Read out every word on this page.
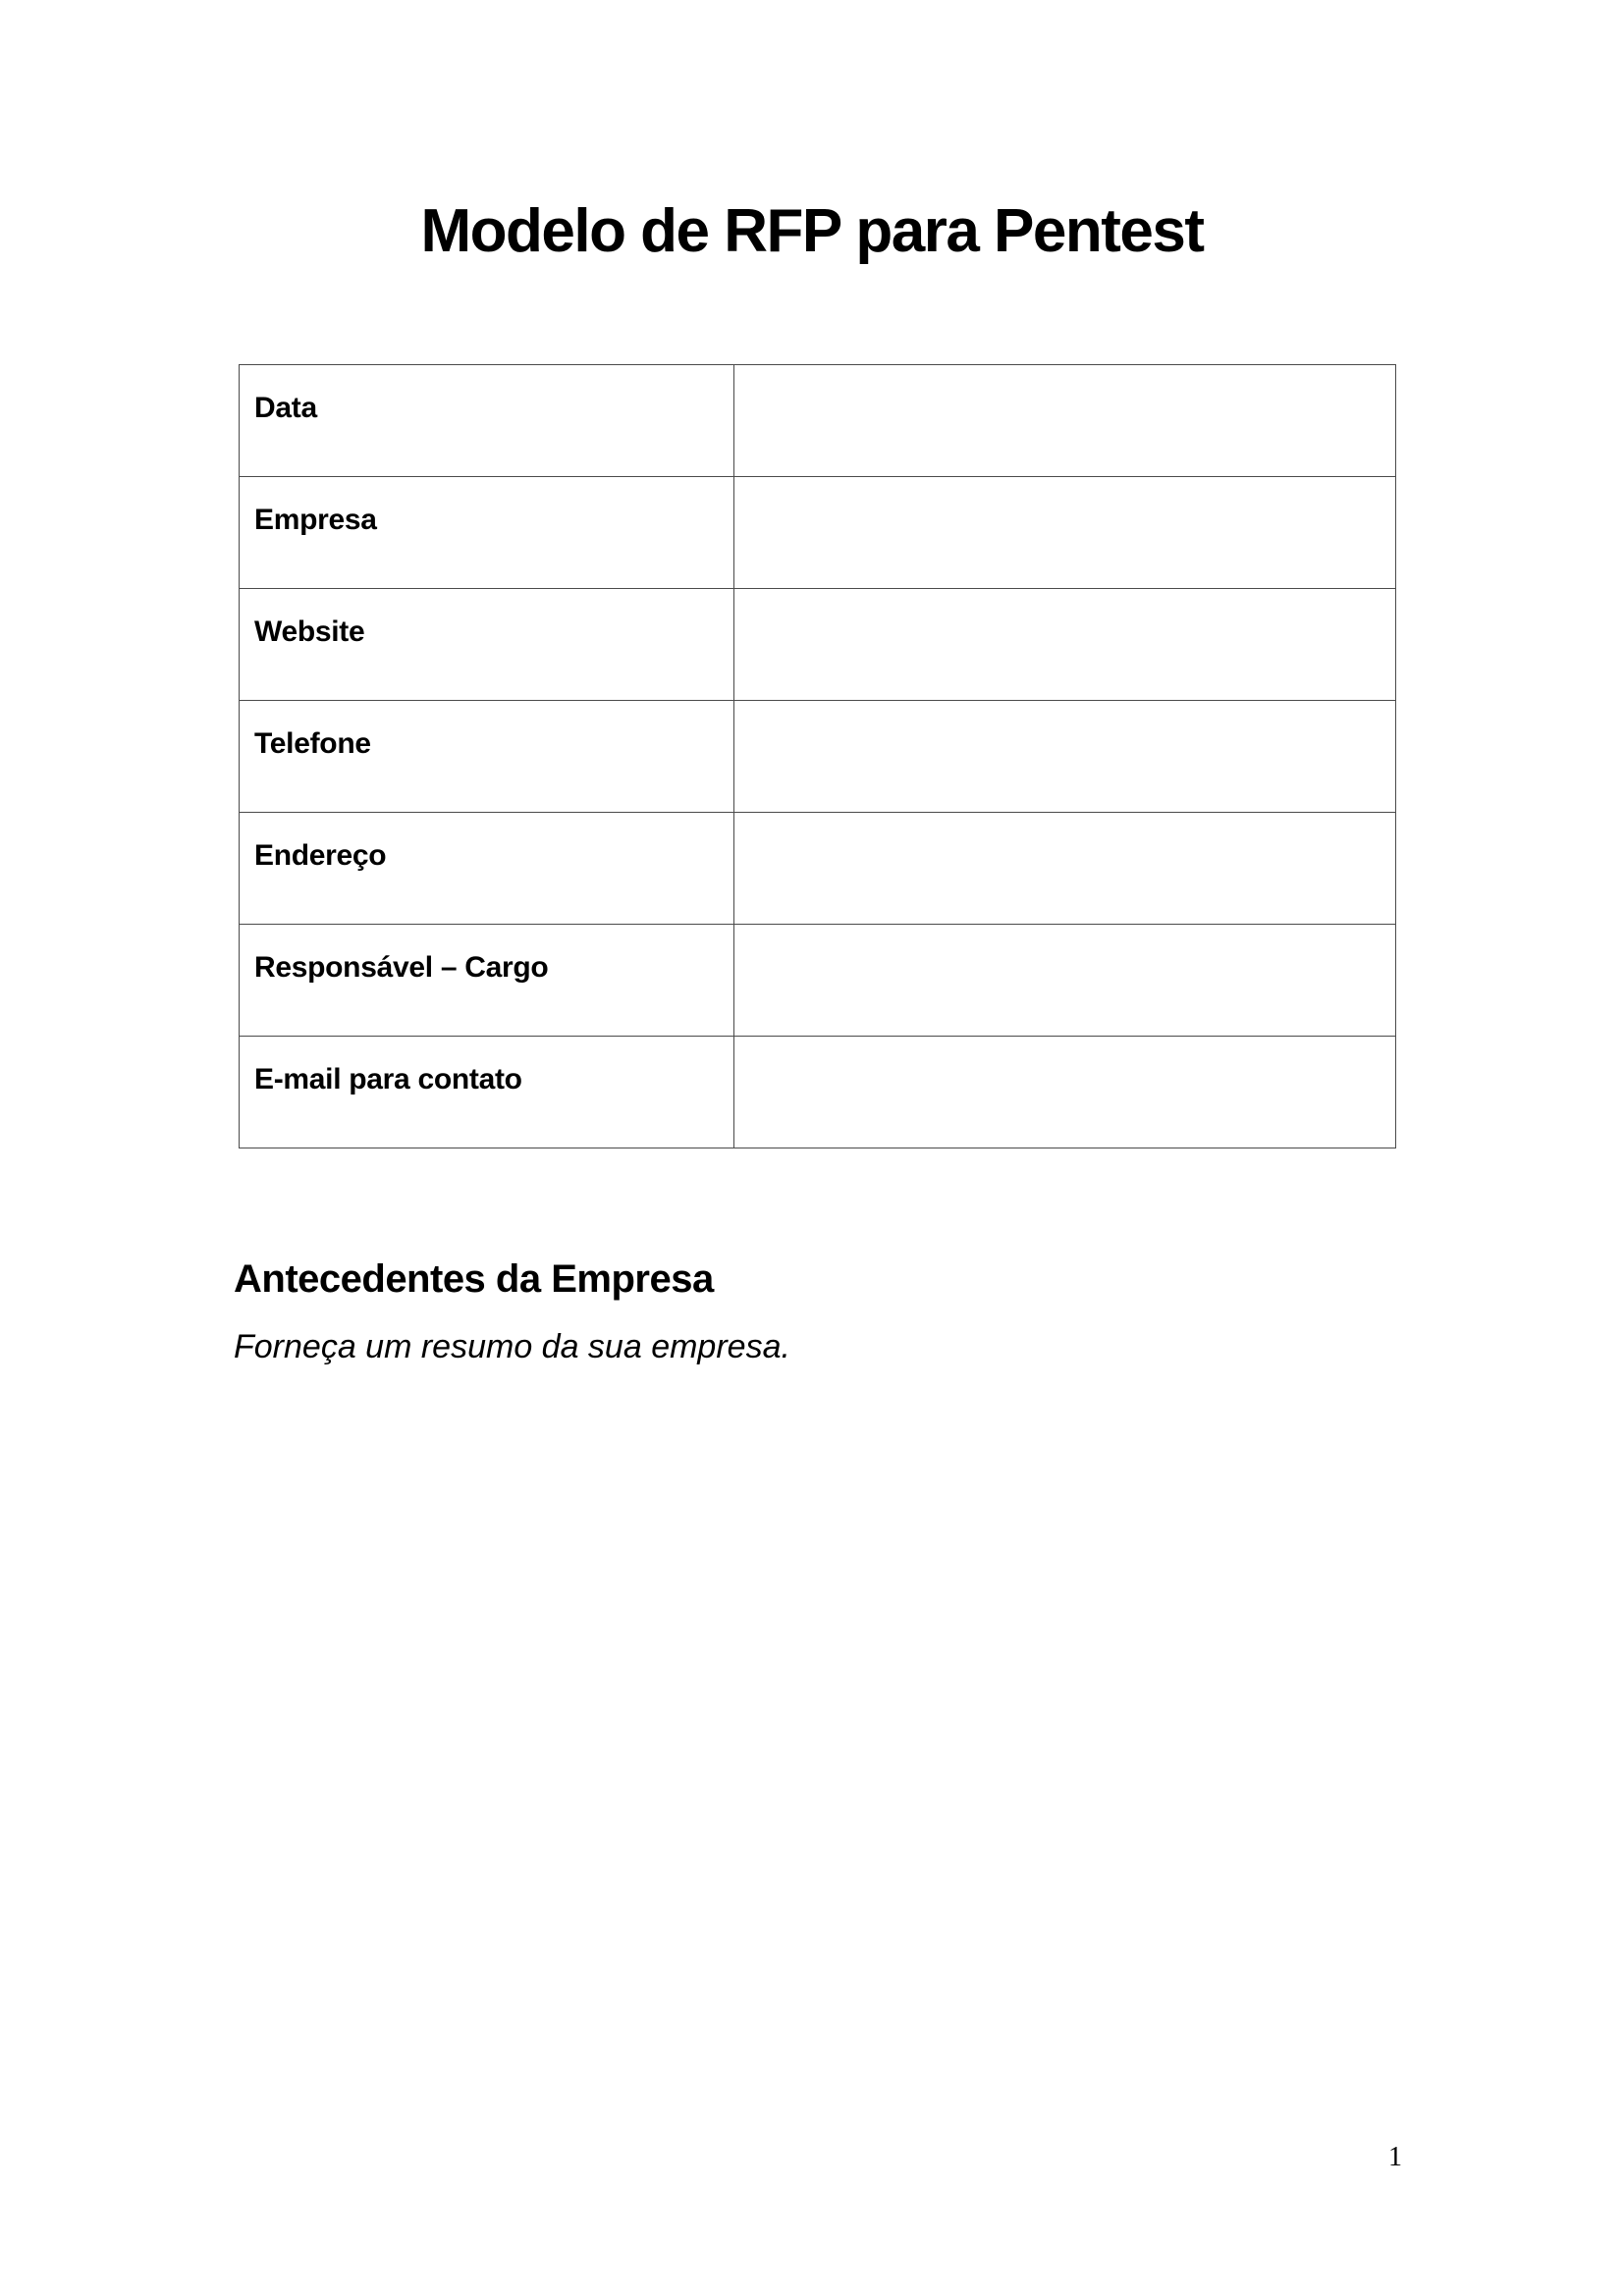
Modelo de RFP para Pentest
Data	

Empresa	

Website	

Telefone	

Endereço	

Responsável – Cargo	

E-mail para contato	

Antecedentes da Empresa

Forneça um resumo da sua empresa.

1
